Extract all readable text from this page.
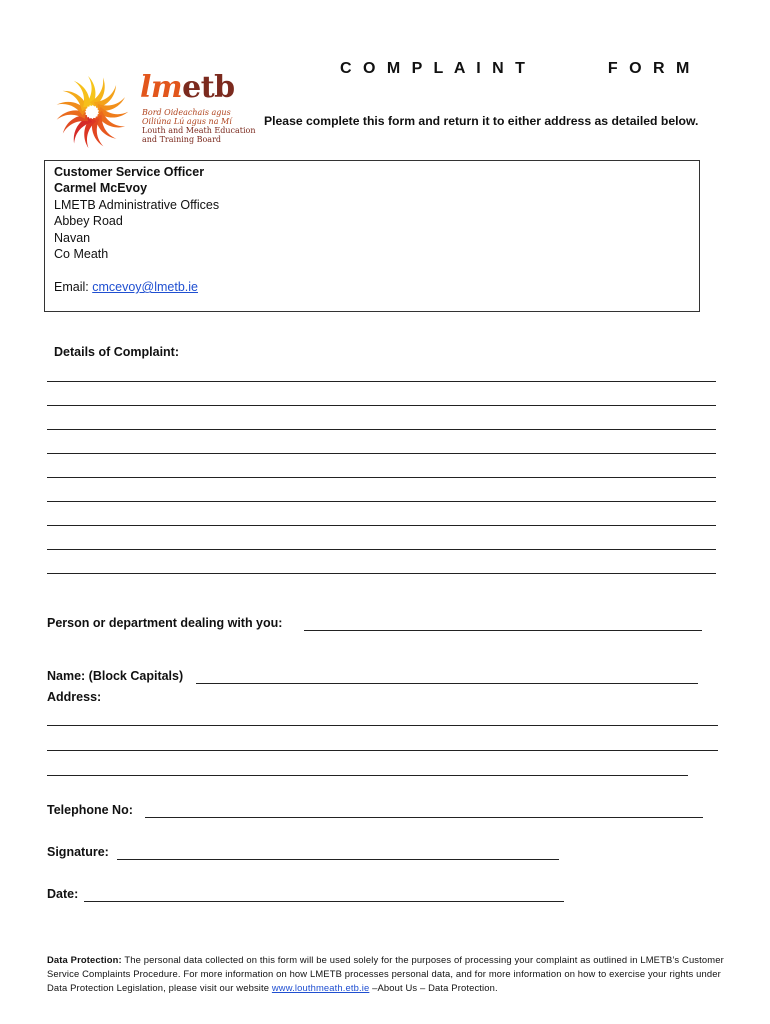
lmetb
Bord Oideachais agus
Oiliúna Lú agus na Mí
Louth and Meath Education
and Training Board
C O M P L A I N T          F O R M
Please complete this form and return it to either address as detailed below.
Customer Service Officer
Carmel McEvoy
LMETB Administrative Offices
Abbey Road
Navan
Co Meath
Email: cmcevoy@lmetb.ie
Details of Complaint:
Person or department dealing with you:
Name: (Block Capitals)
Address:
Telephone No:
Signature:
Date:
Data Protection: The personal data collected on this form will be used solely for the purposes of processing your complaint as outlined in LMETB’s Customer Service Complaints Procedure. For more information on how LMETB processes personal data, and for more information on how to exercise your rights under Data Protection Legislation, please visit our website www.louthmeath.etb.ie –About Us – Data Protection.
